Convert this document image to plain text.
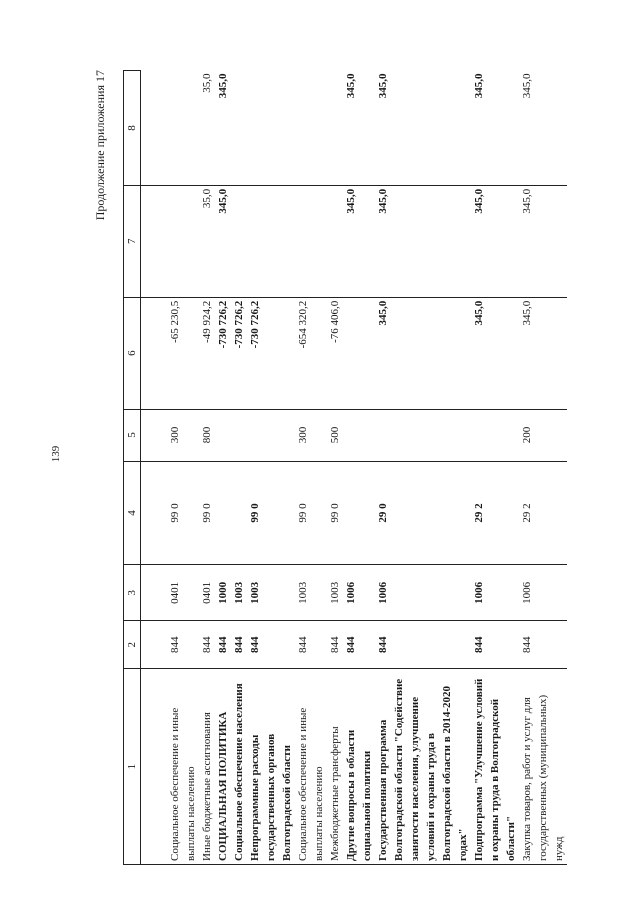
139
Продолжение приложения 17
1	2	3	4	5	6	7	8

Социальное обеспечение и иные выплаты населению	844	0401	99 0	300	-65 230,5		
Иные бюджетные ассигнования	844	0401	99 0	800	-49 924,2	35,0	35,0
СОЦИАЛЬНАЯ ПОЛИТИКА	844	1000			-730 726,2	345,0	345,0
Социальное обеспечение населения	844	1003			-730 726,2		
Непрограммные расходы государственных органов Волгоградской области	844	1003	99 0		-730 726,2		
Социальное обеспечение и иные выплаты населению	844	1003	99 0	300	-654 320,2		
Межбюджетные трансферты	844	1003	99 0	500	-76 406,0		
Другие вопросы в области социальной политики	844	1006				345,0	345,0
Государственная программа Волгоградской области "Содействие занятости населения, улучшение условий и охраны труда в Волгоградской области в 2014-2020 годах"	844	1006	29 0		345,0	345,0	345,0
Подпрограмма "Улучшение условий и охраны труда в Волгоградской области"	844	1006	29 2		345,0	345,0	345,0
Закупка товаров, работ и услуг для государственных (муниципальных) нужд	844	1006	29 2	200	345,0	345,0	345,0
